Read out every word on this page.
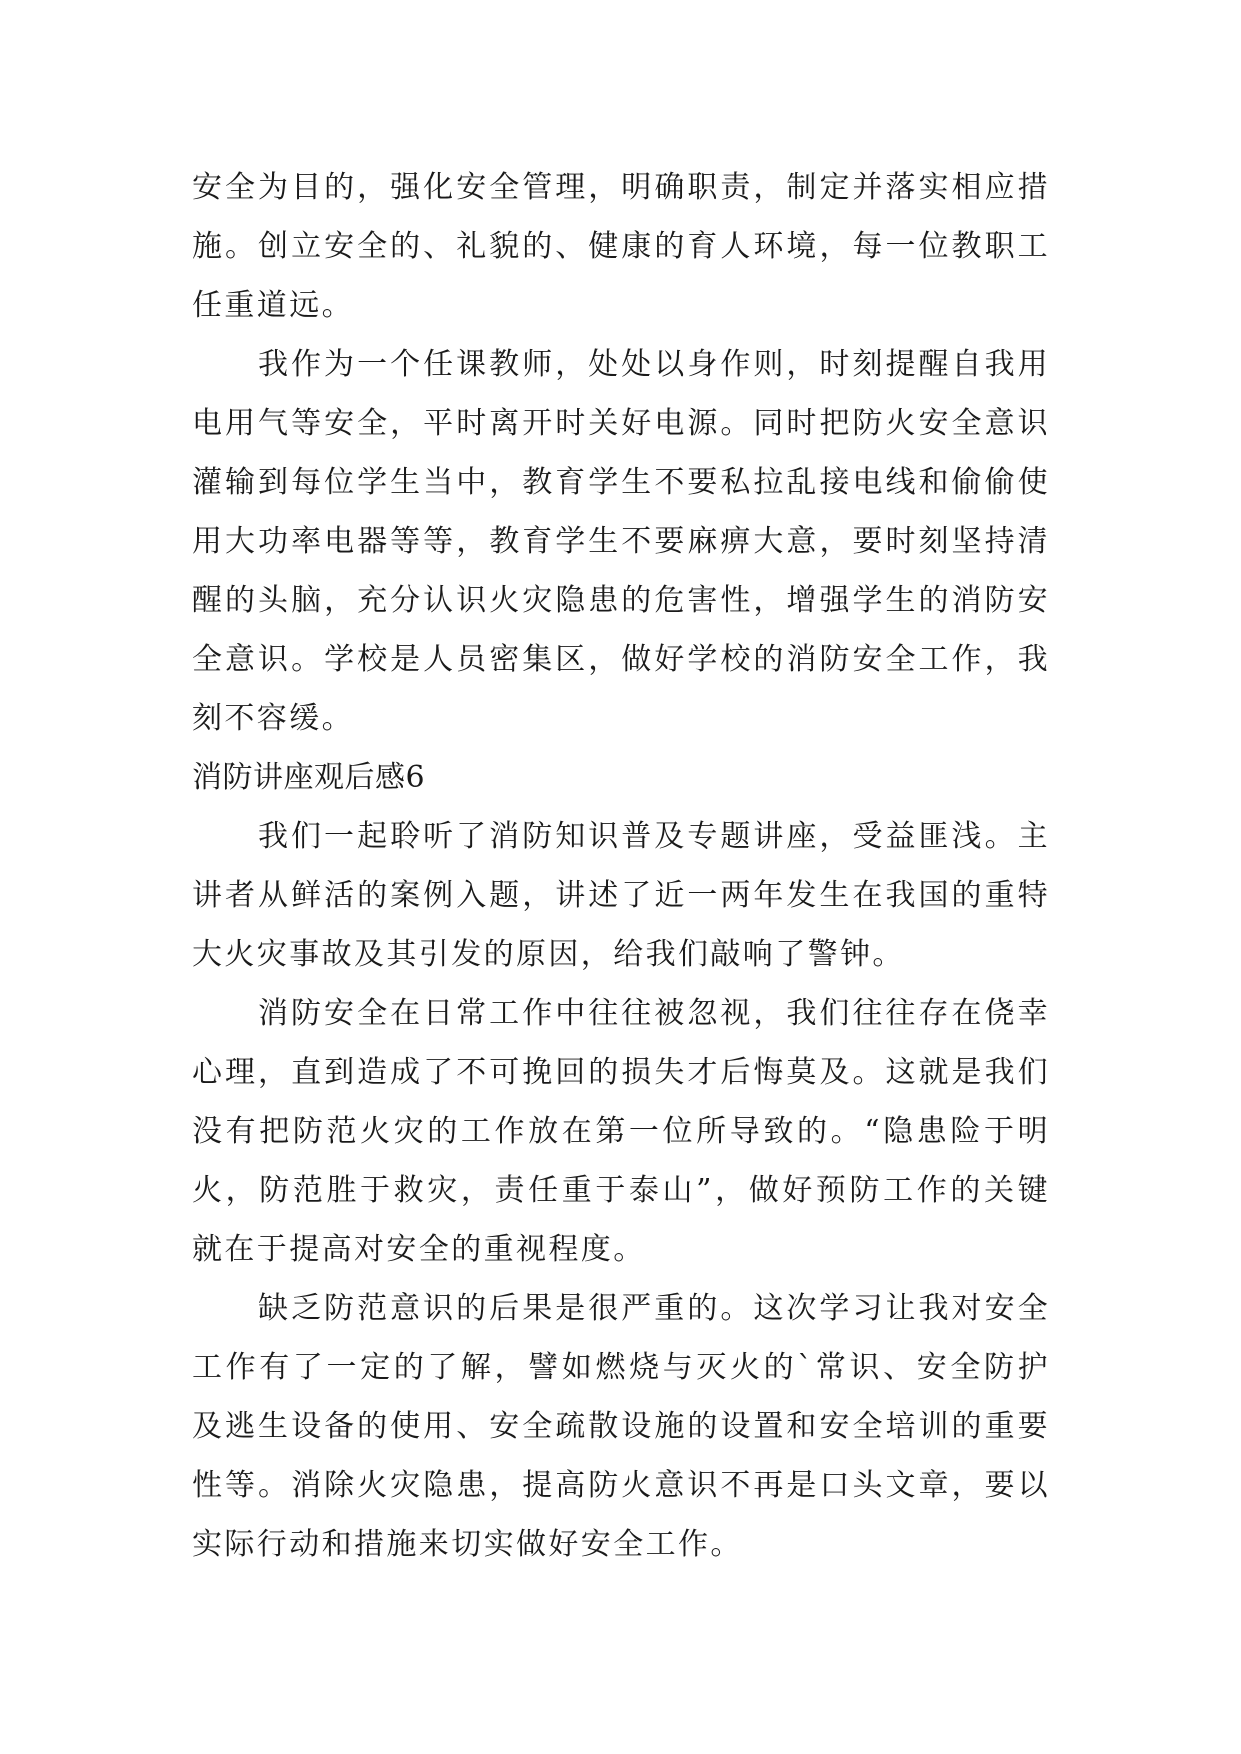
安全为目的，强化安全管理，明确职责，制定并落实相应措施。创立安全的、礼貌的、健康的育人环境，每一位教职工任重道远。

我作为一个任课教师，处处以身作则，时刻提醒自我用电用气等安全，平时离开时关好电源。同时把防火安全意识灌输到每位学生当中，教育学生不要私拉乱接电线和偷偷使用大功率电器等等，教育学生不要麻痹大意，要时刻坚持清醒的头脑，充分认识火灾隐患的危害性，增强学生的消防安全意识。学校是人员密集区，做好学校的消防安全工作，我刻不容缓。

消防讲座观后感6

我们一起聆听了消防知识普及专题讲座，受益匪浅。主讲者从鲜活的案例入题，讲述了近一两年发生在我国的重特大火灾事故及其引发的原因，给我们敲响了警钟。

消防安全在日常工作中往往被忽视，我们往往存在侥幸心理，直到造成了不可挽回的损失才后悔莫及。这就是我们没有把防范火灾的工作放在第一位所导致的。“隐患险于明火，防范胜于救灾，责任重于泰山”，做好预防工作的关键就在于提高对安全的重视程度。

缺乏防范意识的后果是很严重的。这次学习让我对安全工作有了一定的了解，譬如燃烧与灭火的`常识、安全防护及逃生设备的使用、安全疏散设施的设置和安全培训的重要性等。消除火灾隐患，提高防火意识不再是口头文章，要以实际行动和措施来切实做好安全工作。
